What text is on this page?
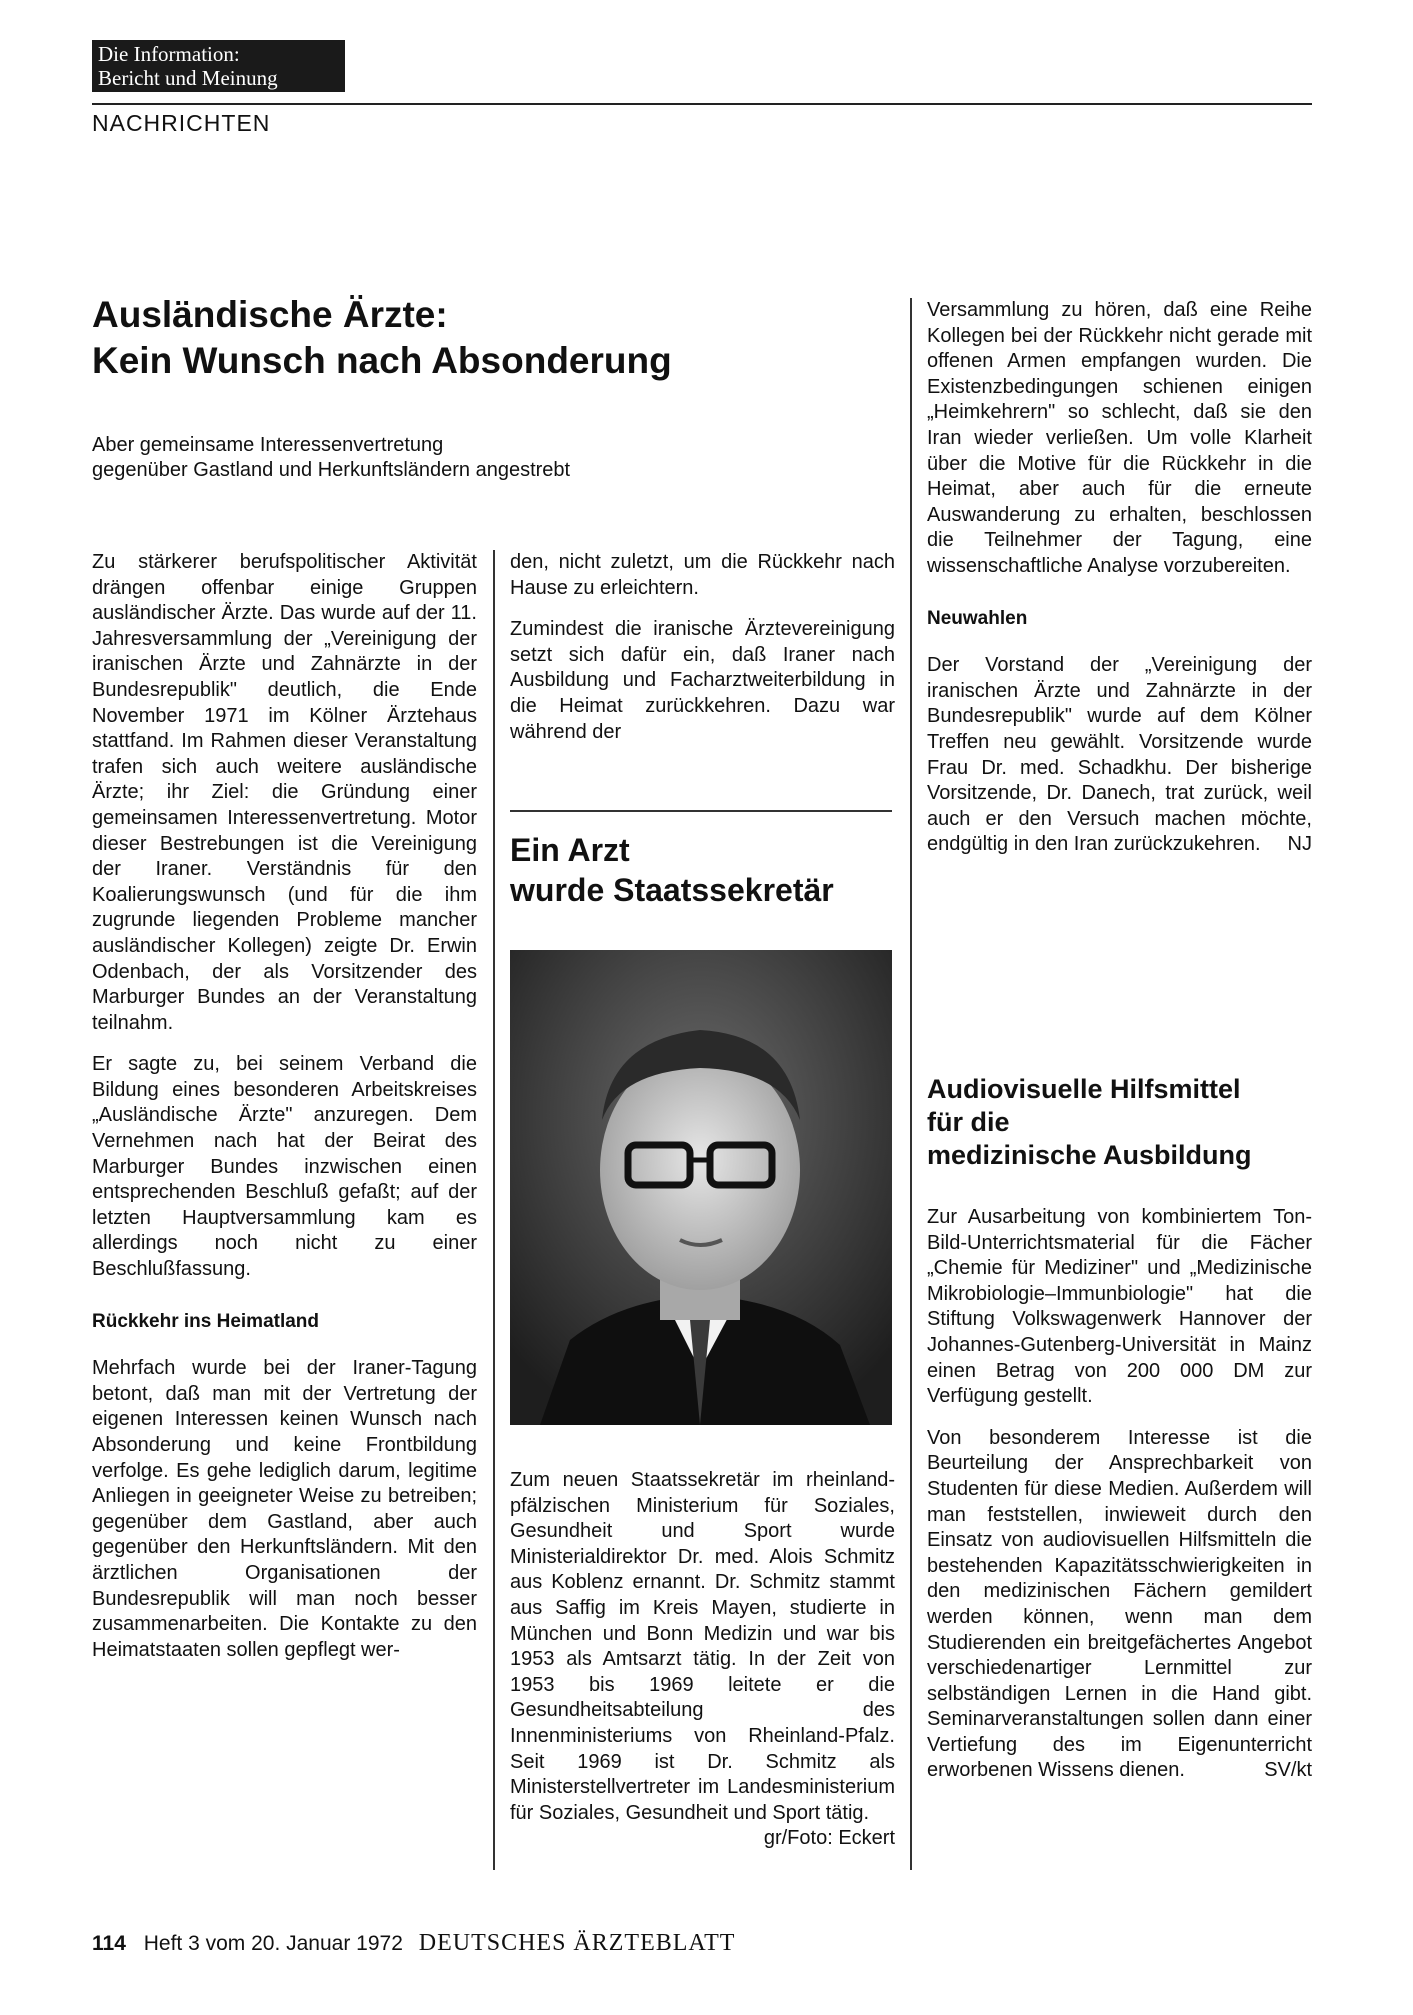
Die Information:
Bericht und Meinung
NACHRICHTEN
Ausländische Ärzte:
Kein Wunsch nach Absonderung
Aber gemeinsame Interessenvertretung
gegenüber Gastland und Herkunftsländern angestrebt

Zu stärkerer berufspolitischer Aktivität drängen offenbar einige Gruppen ausländischer Ärzte. Das wurde auf der 11. Jahresversammlung der „Vereinigung der iranischen Ärzte und Zahnärzte in der Bundesrepublik" deutlich, die Ende November 1971 im Kölner Ärztehaus stattfand. Im Rahmen dieser Veranstaltung trafen sich auch weitere ausländische Ärzte; ihr Ziel: die Gründung einer gemeinsamen Interessenvertretung. Motor dieser Bestrebungen ist die Vereinigung der Iraner. Verständnis für den Koalierungswunsch (und für die ihm zugrunde liegenden Probleme mancher ausländischer Kollegen) zeigte Dr. Erwin Odenbach, der als Vorsitzender des Marburger Bundes an der Veranstaltung teilnahm.

Er sagte zu, bei seinem Verband die Bildung eines besonderen Arbeitskreises „Ausländische Ärzte" anzuregen. Dem Vernehmen nach hat der Beirat des Marburger Bundes inzwischen einen entsprechenden Beschluß gefaßt; auf der letzten Hauptversammlung kam es allerdings noch nicht zu einer Beschlußfassung.

Rückkehr ins Heimatland

Mehrfach wurde bei der Iraner-Tagung betont, daß man mit der Vertretung der eigenen Interessen keinen Wunsch nach Absonderung und keine Frontbildung verfolge. Es gehe lediglich darum, legitime Anliegen in geeigneter Weise zu betreiben; gegenüber dem Gastland, aber auch gegenüber den Herkunftsländern. Mit den ärztlichen Organisationen der Bundesrepublik will man noch besser zusammenarbeiten. Die Kontakte zu den Heimatstaaten sollen gepflegt wer-

den, nicht zuletzt, um die Rückkehr nach Hause zu erleichtern.

Zumindest die iranische Ärztevereinigung setzt sich dafür ein, daß Iraner nach Ausbildung und Facharztweiterbildung in die Heimat zurückkehren. Dazu war während der

Ein Arzt
wurde Staatssekretär

Zum neuen Staatssekretär im rheinland-pfälzischen Ministerium für Soziales, Gesundheit und Sport wurde Ministerialdirektor Dr. med. Alois Schmitz aus Koblenz ernannt. Dr. Schmitz stammt aus Saffig im Kreis Mayen, studierte in München und Bonn Medizin und war bis 1953 als Amtsarzt tätig. In der Zeit von 1953 bis 1969 leitete er die Gesundheitsabteilung des Innenministeriums von Rheinland-Pfalz. Seit 1969 ist Dr. Schmitz als Ministerstellvertreter im Landesministerium für Soziales, Gesundheit und Sport tätig.
gr/Foto: Eckert

Versammlung zu hören, daß eine Reihe Kollegen bei der Rückkehr nicht gerade mit offenen Armen empfangen wurden. Die Existenzbedingungen schienen einigen „Heimkehrern" so schlecht, daß sie den Iran wieder verließen. Um volle Klarheit über die Motive für die Rückkehr in die Heimat, aber auch für die erneute Auswanderung zu erhalten, beschlossen die Teilnehmer der Tagung, eine wissenschaftliche Analyse vorzubereiten.

Neuwahlen

Der Vorstand der „Vereinigung der iranischen Ärzte und Zahnärzte in der Bundesrepublik" wurde auf dem Kölner Treffen neu gewählt. Vorsitzende wurde Frau Dr. med. Schadkhu. Der bisherige Vorsitzende, Dr. Danech, trat zurück, weil auch er den Versuch machen möchte, endgültig in den Iran zurückzukehren. NJ

Audiovisuelle Hilfsmittel
für die
medizinische Ausbildung

Zur Ausarbeitung von kombiniertem Ton-Bild-Unterrichtsmaterial für die Fächer „Chemie für Mediziner" und „Medizinische Mikrobiologie–Immunbiologie" hat die Stiftung Volkswagenwerk Hannover der Johannes-Gutenberg-Universität in Mainz einen Betrag von 200 000 DM zur Verfügung gestellt.

Von besonderem Interesse ist die Beurteilung der Ansprechbarkeit von Studenten für diese Medien. Außerdem will man feststellen, inwieweit durch den Einsatz von audiovisuellen Hilfsmitteln die bestehenden Kapazitätsschwierigkeiten in den medizinischen Fächern gemildert werden können, wenn man dem Studierenden ein breitgefächertes Angebot verschiedenartiger Lernmittel zur selbständigen Lernen in die Hand gibt. Seminarveranstaltungen sollen dann einer Vertiefung des im Eigenunterricht erworbenen Wissens dienen.	SV/kt

114 Heft 3 vom 20. Januar 1972 DEUTSCHES ÄRZTEBLATT
